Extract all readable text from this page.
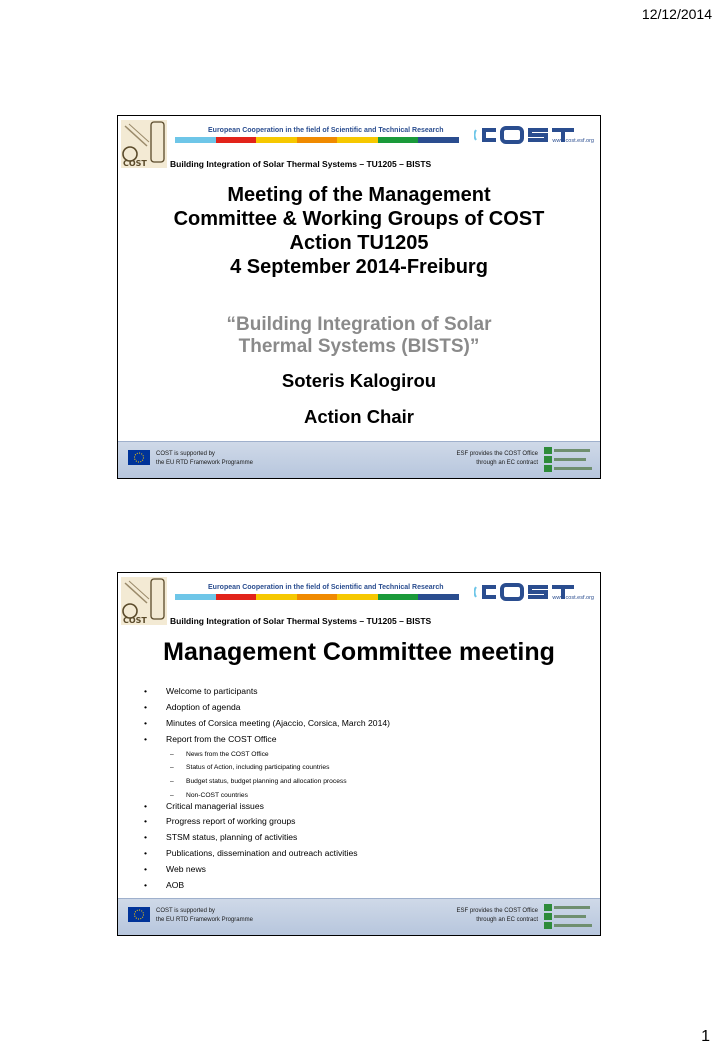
12/12/2014
COST
European Cooperation in the field of Scientific and Technical Research
www.cost.esf.org
Building Integration of Solar Thermal Systems – TU1205 – BISTS
Meeting of the Management
Committee & Working Groups of COST
Action TU1205
4 September 2014-Freiburg
“Building Integration of Solar
Thermal Systems (BISTS)”
Soteris Kalogirou
Action Chair
COST is supported by
the EU RTD Framework Programme
ESF provides the COST Office
through an EC contract
COST
European Cooperation in the field of Scientific and Technical Research
www.cost.esf.org
Building Integration of Solar Thermal Systems – TU1205 – BISTS
Management Committee meeting
• Welcome to participants
• Adoption of agenda
• Minutes of Corsica meeting (Ajaccio, Corsica, March 2014)
• Report from the COST Office
– News from the COST Office
– Status of Action, including participating countries
– Budget status, budget planning and allocation process
– Non-COST countries
• Critical managerial issues
• Progress report of working groups
• STSM status, planning of activities
• Publications, dissemination and outreach activities
• Web news
• AOB
COST is supported by
the EU RTD Framework Programme
ESF provides the COST Office
through an EC contract
1
